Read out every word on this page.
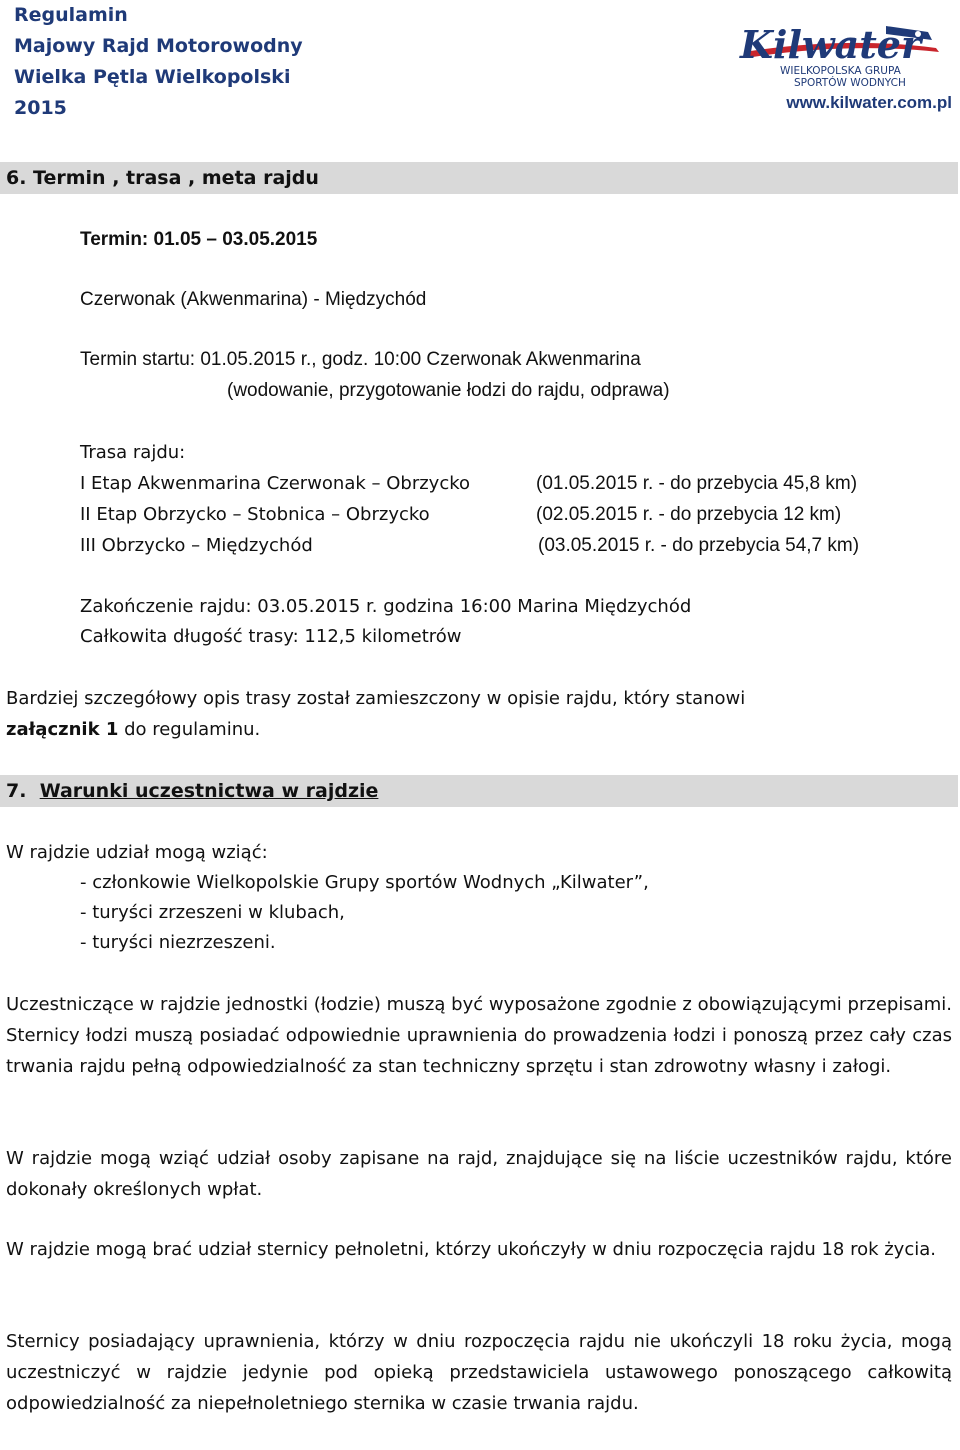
Regulamin
Majowy Rajd Motorowodny
Wielka Pętla Wielkopolski
2015
Kilwater
WIELKOPOLSKA GRUPA
SPORTÓW WODNYCH
www.kilwater.com.pl
6. Termin , trasa , meta rajdu
Termin: 01.05 – 03.05.2015
Czerwonak (Akwenmarina) - Międzychód
Termin startu: 01.05.2015 r., godz. 10:00 Czerwonak Akwenmarina
(wodowanie, przygotowanie łodzi do rajdu, odprawa)
Trasa rajdu:
I Etap Akwenmarina Czerwonak – Obrzycko	(01.05.2015 r. - do przebycia 45,8 km)
II Etap Obrzycko – Stobnica – Obrzycko	(02.05.2015 r. - do przebycia 12 km)
III Obrzycko – Międzychód	(03.05.2015 r. - do przebycia 54,7 km)
Zakończenie rajdu: 03.05.2015 r. godzina 16:00 Marina Międzychód
Całkowita długość trasy: 112,5 kilometrów
Bardziej szczegółowy opis trasy został zamieszczony w opisie rajdu, który stanowi
załącznik 1 do regulaminu.
7. Warunki uczestnictwa w rajdzie
W rajdzie udział mogą wziąć:
- członkowie Wielkopolskie Grupy sportów Wodnych „Kilwater”,
- turyści zrzeszeni w klubach,
- turyści niezrzeszeni.
Uczestniczące w rajdzie jednostki (łodzie) muszą być wyposażone zgodnie z obowiązującymi przepisami. Sternicy łodzi muszą posiadać odpowiednie uprawnienia do prowadzenia łodzi i ponoszą przez cały czas trwania rajdu pełną odpowiedzialność za stan techniczny sprzętu i stan zdrowotny własny i załogi.
W rajdzie mogą wziąć udział osoby zapisane na rajd, znajdujące się na liście uczestników rajdu, które dokonały określonych wpłat.
W rajdzie mogą brać udział sternicy pełnoletni, którzy ukończyły w dniu rozpoczęcia rajdu 18 rok życia.
Sternicy posiadający uprawnienia, którzy w dniu rozpoczęcia rajdu nie ukończyli 18 roku życia, mogą uczestniczyć w rajdzie jedynie pod opieką przedstawiciela ustawowego ponoszącego całkowitą odpowiedzialność za niepełnoletniego sternika w czasie trwania rajdu.
